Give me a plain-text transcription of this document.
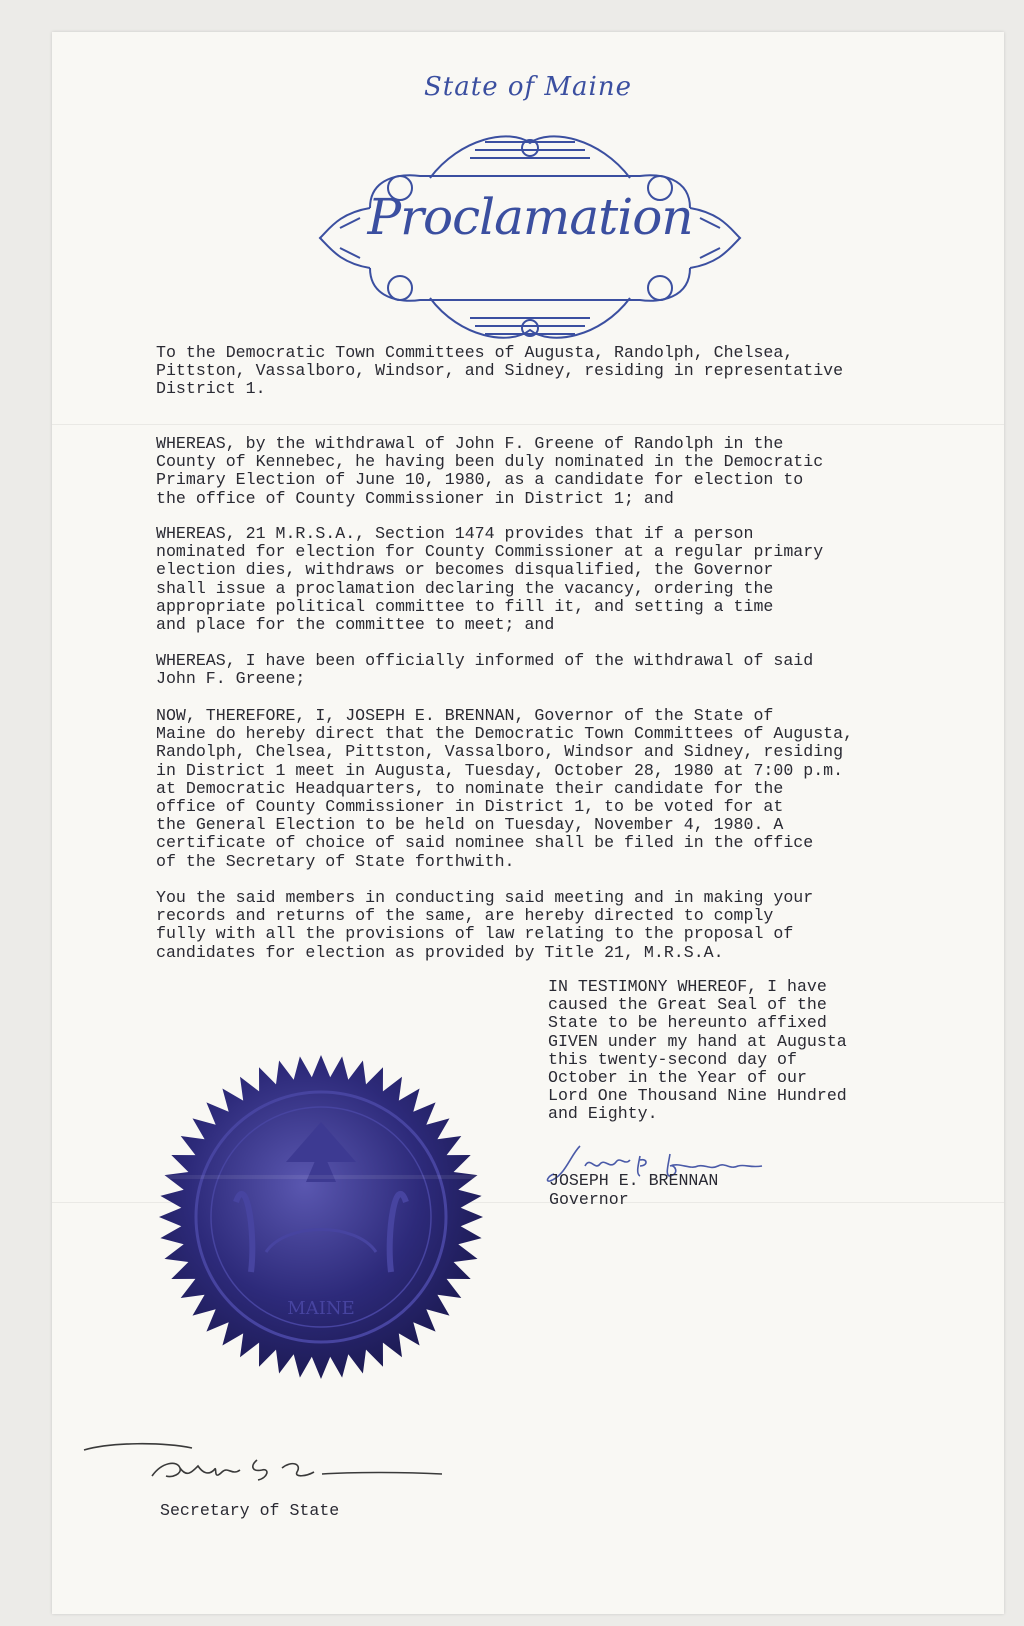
State of Maine
Proclamation

To the Democratic Town Committees of Augusta, Randolph, Chelsea,
Pittston, Vassalboro, Windsor, and Sidney, residing in representative
District 1.

WHEREAS, by the withdrawal of John F. Greene of Randolph in the
County of Kennebec, he having been duly nominated in the Democratic
Primary Election of June 10, 1980, as a candidate for election to
the office of County Commissioner in District 1; and

WHEREAS, 21 M.R.S.A., Section 1474 provides that if a person
nominated for election for County Commissioner at a regular primary
election dies, withdraws or becomes disqualified, the Governor
shall issue a proclamation declaring the vacancy, ordering the
appropriate political committee to fill it, and setting a time
and place for the committee to meet; and

WHEREAS, I have been officially informed of the withdrawal of said
John F. Greene;

NOW, THEREFORE, I, JOSEPH E. BRENNAN, Governor of the State of
Maine do hereby direct that the Democratic Town Committees of Augusta,
Randolph, Chelsea, Pittston, Vassalboro, Windsor and Sidney, residing
in District 1 meet in Augusta, Tuesday, October 28, 1980 at 7:00 p.m.
at Democratic Headquarters, to nominate their candidate for the
office of County Commissioner in District 1, to be voted for at
the General Election to be held on Tuesday, November 4, 1980. A
certificate of choice of said nominee shall be filed in the office
of the Secretary of State forthwith.

You the said members in conducting said meeting and in making your
records and returns of the same, are hereby directed to comply
fully with all the provisions of law relating to the proposal of
candidates for election as provided by Title 21, M.R.S.A.

IN TESTIMONY WHEREOF, I have
caused the Great Seal of the
State to be hereunto affixed
GIVEN under my hand at Augusta
this twenty-second day of
October in the Year of our
Lord One Thousand Nine Hundred
and Eighty.

MAINE
JOSEPH E. BRENNAN
Governor
Secretary of State
